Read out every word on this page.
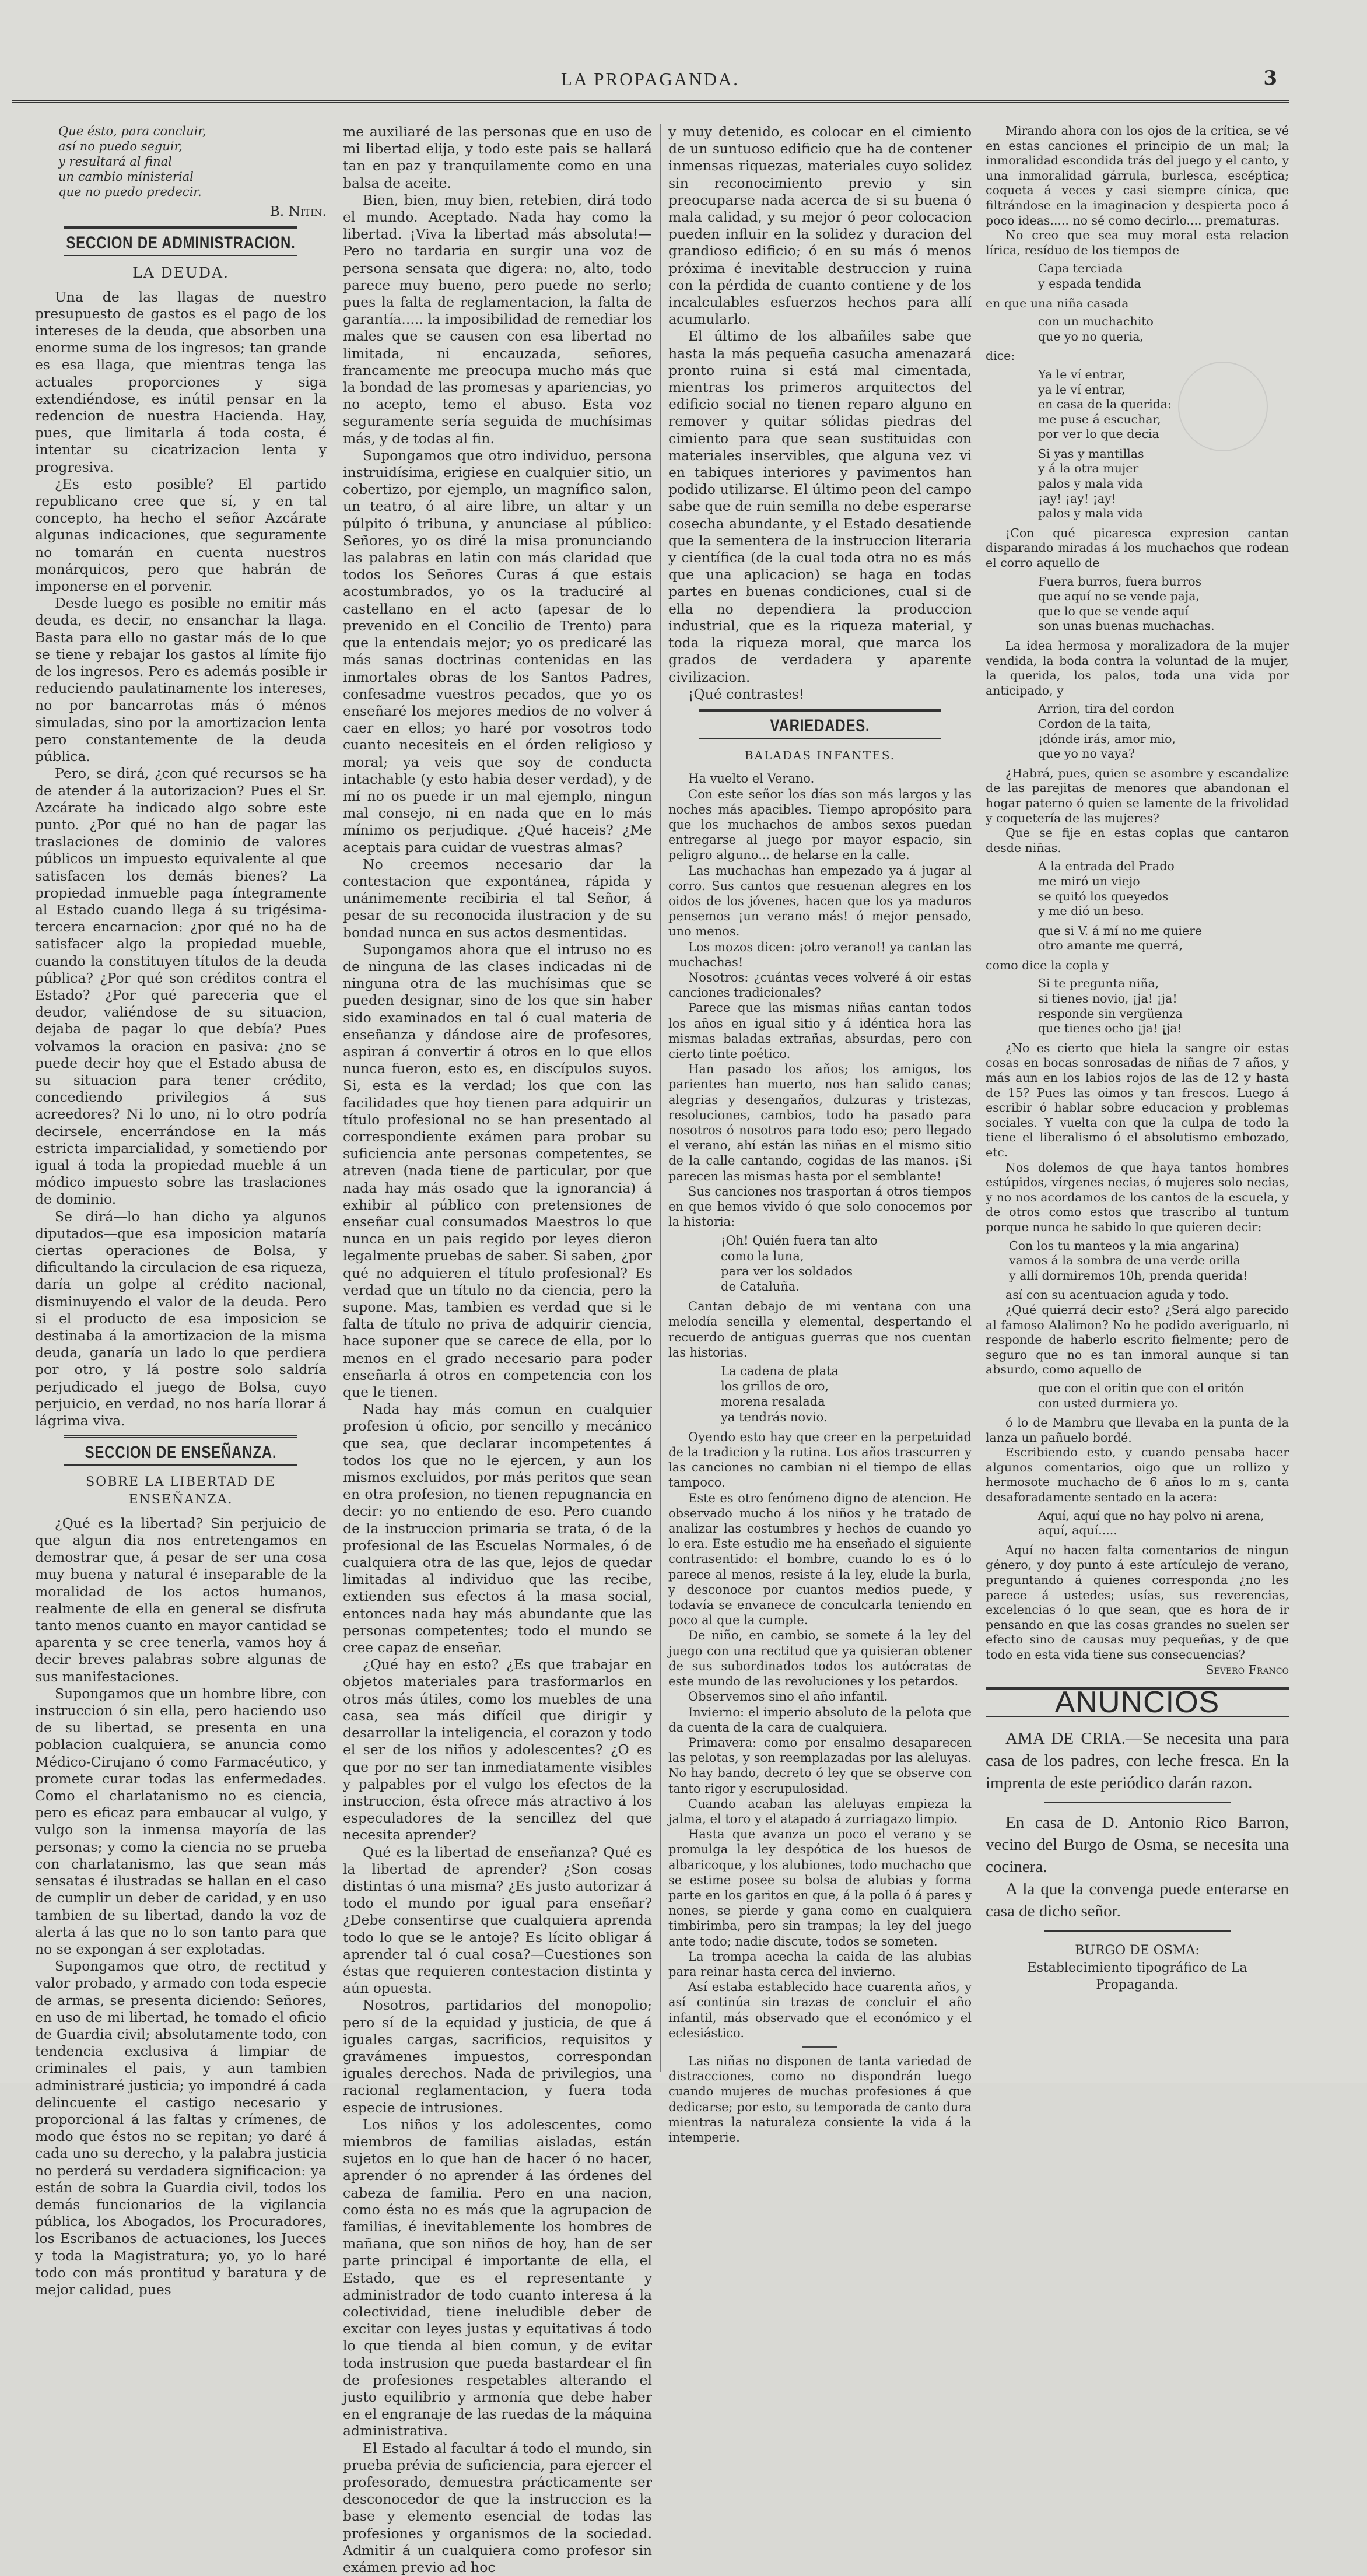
LA PROPAGANDA.	3
Que ésto, para concluir,
así no puedo seguir,
y resultará al final
un cambio ministerial
que no puedo predecir.

B. Nitin.

SECCION DE ADMINISTRACION.
LA DEUDA.

Una de las llagas de nuestro presupuesto de gastos es el pago de los intereses de la deuda, que absorben una enorme suma de los ingresos; tan grande es esa llaga, que mientras tenga las actuales proporciones y siga extendiéndose, es inútil pensar en la redencion de nuestra Hacienda. Hay, pues, que limitarla á toda costa, é intentar su cicatrizacion lenta y progresiva.

¿Es esto posible? El partido republicano cree que sí, y en tal concepto, ha hecho el señor Azcárate algunas indicaciones, que seguramente no tomarán en cuenta nuestros monárquicos, pero que habrán de imponerse en el porvenir.

Desde luego es posible no emitir más deuda, es decir, no ensanchar la llaga. Basta para ello no gastar más de lo que se tiene y rebajar los gastos al límite fijo de los ingresos. Pero es además posible ir reduciendo paulatinamente los intereses, no por bancarrotas más ó ménos simuladas, sino por la amortizacion lenta pero constantemente de la deuda pública.

Pero, se dirá, ¿con qué recursos se ha de atender á la autorizacion? Pues el Sr. Azcárate ha indicado algo sobre este punto. ¿Por qué no han de pagar las traslaciones de dominio de valores públicos un impuesto equivalente al que satisfacen los demás bienes? La propiedad inmueble paga íntegramente al Estado cuando llega á su trigésima-tercera encarnacion: ¿por qué no ha de satisfacer algo la propiedad mueble, cuando la constituyen títulos de la deuda pública? ¿Por qué son créditos contra el Estado? ¿Por qué pareceria que el deudor, valiéndose de su situacion, dejaba de pagar lo que debía? Pues volvamos la oracion en pasiva: ¿no se puede decir hoy que el Estado abusa de su situacion para tener crédito, concediendo privilegios á sus acreedores? Ni lo uno, ni lo otro podría decirsele, encerrándose en la más estricta imparcialidad, y sometiendo por igual á toda la propiedad mueble á un módico impuesto sobre las traslaciones de dominio.

Se dirá—lo han dicho ya algunos diputados—que esa imposicion mataría ciertas operaciones de Bolsa, y dificultando la circulacion de esa riqueza, daría un golpe al crédito nacional, disminuyendo el valor de la deuda. Pero si el producto de esa imposicion se destinaba á la amortizacion de la misma deuda, ganaría un lado lo que perdiera por otro, y lá postre solo saldría perjudicado el juego de Bolsa, cuyo perjuicio, en verdad, no nos haría llorar á lágrima viva.

SECCION DE ENSEÑANZA.
SOBRE LA LIBERTAD DE ENSEÑANZA.

¿Qué es la libertad? Sin perjuicio de que algun dia nos entretengamos en demostrar que, á pesar de ser una cosa muy buena y natural é inseparable de la moralidad de los actos humanos, realmente de ella en general se disfruta tanto menos cuanto en mayor cantidad se aparenta y se cree tenerla, vamos hoy á decir breves palabras sobre algunas de sus manifestaciones.

Supongamos que un hombre libre, con instruccion ó sin ella, pero haciendo uso de su libertad, se presenta en una poblacion cualquiera, se anuncia como Médico-Cirujano ó como Farmacéutico, y promete curar todas las enfermedades. Como el charlatanismo no es ciencia, pero es eficaz para embaucar al vulgo, y vulgo son la inmensa mayoría de las personas; y como la ciencia no se prueba con charlatanismo, las que sean más sensatas é ilustradas se hallan en el caso de cumplir un deber de caridad, y en uso tambien de su libertad, dando la voz de alerta á las que no lo son tanto para que no se expongan á ser explotadas.

Supongamos que otro, de rectitud y valor probado, y armado con toda especie de armas, se presenta diciendo: Señores, en uso de mi libertad, he tomado el oficio de Guardia civil; absolutamente todo, con tendencia exclusiva á limpiar de criminales el pais, y aun tambien administraré justicia; yo impondré á cada delincuente el castigo necesario y proporcional á las faltas y crímenes, de modo que éstos no se repitan; yo daré á cada uno su derecho, y la palabra justicia no perderá su verdadera significacion: ya están de sobra la Guardia civil, todos los demás funcionarios de la vigilancia pública, los Abogados, los Procuradores, los Escribanos de actuaciones, los Jueces y toda la Magistratura; yo, yo lo haré todo con más prontitud y baratura y de mejor calidad, pues

me auxiliaré de las personas que en uso de mi libertad elija, y todo este pais se hallará tan en paz y tranquilamente como en una balsa de aceite.

Bien, bien, muy bien, retebien, dirá todo el mundo. Aceptado. Nada hay como la libertad. ¡Viva la libertad más absoluta!—Pero no tardaria en surgir una voz de persona sensata que digera: no, alto, todo parece muy bueno, pero puede no serlo; pues la falta de reglamentacion, la falta de garantía..... la imposibilidad de remediar los males que se causen con esa libertad no limitada, ni encauzada, señores, francamente me preocupa mucho más que la bondad de las promesas y apariencias, yo no acepto, temo el abuso. Esta voz seguramente sería seguida de muchísimas más, y de todas al fin.

Supongamos que otro individuo, persona instruidísima, erigiese en cualquier sitio, un cobertizo, por ejemplo, un magnífico salon, un teatro, ó al aire libre, un altar y un púlpito ó tribuna, y anunciase al público: Señores, yo os diré la misa pronunciando las palabras en latin con más claridad que todos los Señores Curas á que estais acostumbrados, yo os la traduciré al castellano en el acto (apesar de lo prevenido en el Concilio de Trento) para que la entendais mejor; yo os predicaré las más sanas doctrinas contenidas en las inmortales obras de los Santos Padres, confesadme vuestros pecados, que yo os enseñaré los mejores medios de no volver á caer en ellos; yo haré por vosotros todo cuanto necesiteis en el órden religioso y moral; ya veis que soy de conducta intachable (y esto habia deser verdad), y de mí no os puede ir un mal ejemplo, ningun mal consejo, ni en nada que en lo más mínimo os perjudique. ¿Qué haceis? ¿Me aceptais para cuidar de vuestras almas?

No creemos necesario dar la contestacion que expontánea, rápida y unánimemente recibiria el tal Señor, á pesar de su reconocida ilustracion y de su bondad nunca en sus actos desmentidas.

Supongamos ahora que el intruso no es de ninguna de las clases indicadas ni de ninguna otra de las muchísimas que se pueden designar, sino de los que sin haber sido examinados en tal ó cual materia de enseñanza y dándose aire de profesores, aspiran á convertir á otros en lo que ellos nunca fueron, esto es, en discípulos suyos. Si, esta es la verdad; los que con las facilidades que hoy tienen para adquirir un título profesional no se han presentado al correspondiente exámen para probar su suficiencia ante personas competentes, se atreven (nada tiene de particular, por que nada hay más osado que la ignorancia) á exhibir al público con pretensiones de enseñar cual consumados Maestros lo que nunca en un pais regido por leyes dieron legalmente pruebas de saber. Si saben, ¿por qué no adquieren el título profesional? Es verdad que un título no da ciencia, pero la supone. Mas, tambien es verdad que si le falta de título no priva de adquirir ciencia, hace suponer que se carece de ella, por lo menos en el grado necesario para poder enseñarla á otros en competencia con los que le tienen.

Nada hay más comun en cualquier profesion ú oficio, por sencillo y mecánico que sea, que declarar incompetentes á todos los que no le ejercen, y aun los mismos excluidos, por más peritos que sean en otra profesion, no tienen repugnancia en decir: yo no entiendo de eso. Pero cuando de la instruccion primaria se trata, ó de la profesional de las Escuelas Normales, ó de cualquiera otra de las que, lejos de quedar limitadas al individuo que las recibe, extienden sus efectos á la masa social, entonces nada hay más abundante que las personas competentes; todo el mundo se cree capaz de enseñar.

¿Qué hay en esto? ¿Es que trabajar en objetos materiales para trasformarlos en otros más útiles, como los muebles de una casa, sea más difícil que dirigir y desarrollar la inteligencia, el corazon y todo el ser de los niños y adolescentes? ¿O es que por no ser tan inmediatamente visibles y palpables por el vulgo los efectos de la instruccion, ésta ofrece más atractivo á los especuladores de la sencillez del que necesita aprender?

Qué es la libertad de enseñanza? Qué es la libertad de aprender? ¿Son cosas distintas ó una misma? ¿Es justo autorizar á todo el mundo por igual para enseñar? ¿Debe consentirse que cualquiera aprenda todo lo que se le antoje? Es lícito obligar á aprender tal ó cual cosa?—Cuestiones son éstas que requieren contestacion distinta y aún opuesta.

Nosotros, partidarios del monopolio; pero sí de la equidad y justicia, de que á iguales cargas, sacrificios, requisitos y gravámenes impuestos, correspondan iguales derechos. Nada de privilegios, una racional reglamentacion, y fuera toda especie de intrusiones.

Los niños y los adolescentes, como miembros de familias aisladas, están sujetos en lo que han de hacer ó no hacer, aprender ó no aprender á las órdenes del cabeza de familia. Pero en una nacion, como ésta no es más que la agrupacion de familias, é inevitablemente los hombres de mañana, que son niños de hoy, han de ser parte principal é importante de ella, el Estado, que es el representante y administrador de todo cuanto interesa á la colectividad, tiene ineludible deber de excitar con leyes justas y equitativas á todo lo que tienda al bien comun, y de evitar toda instrusion que pueda bastardear el fin de profesiones respetables alterando el justo equilibrio y armonía que debe haber en el engranaje de las ruedas de la máquina administrativa.

El Estado al facultar á todo el mundo, sin prueba prévia de suficiencia, para ejercer el profesorado, demuestra prácticamente ser desconocedor de que la instruccion es la base y elemento esencial de todas las profesiones y organismos de la sociedad. Admitir á un cualquiera como profesor sin exámen previo ad hoc

y muy detenido, es colocar en el cimiento de un suntuoso edificio que ha de contener inmensas riquezas, materiales cuyo solidez sin reconocimiento previo y sin preocuparse nada acerca de si su buena ó mala calidad, y su mejor ó peor colocacion pueden influir en la solidez y duracion del grandioso edificio; ó en su más ó menos próxima é inevitable destruccion y ruina con la pérdida de cuanto contiene y de los incalculables esfuerzos hechos para allí acumularlo.

El último de los albañiles sabe que hasta la más pequeña casucha amenazará pronto ruina si está mal cimentada, mientras los primeros arquitectos del edificio social no tienen reparo alguno en remover y quitar sólidas piedras del cimiento para que sean sustituidas con materiales inservibles, que alguna vez vi en tabiques interiores y pavimentos han podido utilizarse. El último peon del campo sabe que de ruin semilla no debe esperarse cosecha abundante, y el Estado desatiende que la sementera de la instruccion literaria y científica (de la cual toda otra no es más que una aplicacion) se haga en todas partes en buenas condiciones, cual si de ella no dependiera la produccion industrial, que es la riqueza material, y toda la riqueza moral, que marca los grados de verdadera y aparente civilizacion.

¡Qué contrastes!

VARIEDADES.
BALADAS INFANTES.

Ha vuelto el Verano.

Con este señor los días son más largos y las noches más apacibles. Tiempo apropósito para que los muchachos de ambos sexos puedan entregarse al juego por mayor espacio, sin peligro alguno... de helarse en la calle.

Las muchachas han empezado ya á jugar al corro. Sus cantos que resuenan alegres en los oidos de los jóvenes, hacen que los ya maduros pensemos ¡un verano más! ó mejor pensado, uno menos.

Los mozos dicen: ¡otro verano!! ya cantan las muchachas!

Nosotros: ¿cuántas veces volveré á oir estas canciones tradicionales?

Parece que las mismas niñas cantan todos los años en igual sitio y á idéntica hora las mismas baladas extrañas, absurdas, pero con cierto tinte poético.

Han pasado los años; los amigos, los parientes han muerto, nos han salido canas; alegrias y desengaños, dulzuras y tristezas, resoluciones, cambios, todo ha pasado para nosotros ó nosotros para todo eso; pero llegado el verano, ahí están las niñas en el mismo sitio de la calle cantando, cogidas de las manos. ¡Si parecen las mismas hasta por el semblante!

Sus canciones nos trasportan á otros tiempos en que hemos vivido ó que solo conocemos por la historia:

¡Oh! Quién fuera tan alto
como la luna,
para ver los soldados
de Cataluña.

Cantan debajo de mi ventana con una melodía sencilla y elemental, despertando el recuerdo de antiguas guerras que nos cuentan las historias.

La cadena de plata
los grillos de oro,
morena resalada
ya tendrás novio.

Oyendo esto hay que creer en la perpetuidad de la tradicion y la rutina. Los años trascurren y las canciones no cambian ni el tiempo de ellas tampoco.

Este es otro fenómeno digno de atencion. He observado mucho á los niños y he tratado de analizar las costumbres y hechos de cuando yo lo era. Este estudio me ha enseñado el siguiente contrasentido: el hombre, cuando lo es ó lo parece al menos, resiste á la ley, elude la burla, y desconoce por cuantos medios puede, y todavía se envanece de conculcarla teniendo en poco al que la cumple.

De niño, en cambio, se somete á la ley del juego con una rectitud que ya quisieran obtener de sus subordinados todos los autócratas de este mundo de las revoluciones y los petardos.

Observemos sino el año infantil.

Invierno: el imperio absoluto de la pelota que da cuenta de la cara de cualquiera.

Primavera: como por ensalmo desaparecen las pelotas, y son reemplazadas por las aleluyas. No hay bando, decreto ó ley que se observe con tanto rigor y escrupulosidad.

Cuando acaban las aleluyas empieza la jalma, el toro y el atapado á zurriagazo limpio.

Hasta que avanza un poco el verano y se promulga la ley despótica de los huesos de albaricoque, y los alubiones, todo muchacho que se estime posee su bolsa de alubias y forma parte en los garitos en que, á la polla ó á pares y nones, se pierde y gana como en cualquiera timbirimba, pero sin trampas; la ley del juego ante todo; nadie discute, todos se someten.

La trompa acecha la caida de las alubias para reinar hasta cerca del invierno.

Así estaba establecido hace cuarenta años, y así continúa sin trazas de concluir el año infantil, más observado que el económico y el eclesiástico.

Las niñas no disponen de tanta variedad de distracciones, como no dispondrán luego cuando mujeres de muchas profesiones á que dedicarse; por esto, su temporada de canto dura mientras la naturaleza consiente la vida á la intemperie.

Mirando ahora con los ojos de la crítica, se vé en estas canciones el principio de un mal; la inmoralidad escondida trás del juego y el canto, y una inmoralidad gárrula, burlesca, escéptica; coqueta á veces y casi siempre cínica, que filtrándose en la imaginacion y despierta poco á poco ideas..... no sé como decirlo.... prematuras.

No creo que sea muy moral esta relacion lírica, resíduo de los tiempos de

Capa terciada
y espada tendida

en que una niña casada

con un muchachito
que yo no queria,

dice:

Ya le ví entrar,
ya le ví entrar,
en casa de la querida:
me puse á escuchar,
por ver lo que decia
Si yas y mantillas
y á la otra mujer
palos y mala vida
¡ay! ¡ay! ¡ay!
palos y mala vida

¡Con qué picaresca expresion cantan disparando miradas á los muchachos que rodean el corro aquello de

Fuera burros, fuera burros
que aquí no se vende paja,
que lo que se vende aquí
son unas buenas muchachas.

La idea hermosa y moralizadora de la mujer vendida, la boda contra la voluntad de la mujer, la querida, los palos, toda una vida por anticipado, y

Arrion, tira del cordon
Cordon de la taita,
¡dónde irás, amor mio,
que yo no vaya?

¿Habrá, pues, quien se asombre y escandalize de las parejitas de menores que abandonan el hogar paterno ó quien se lamente de la frivolidad y coquetería de las mujeres?

Que se fije en estas coplas que cantaron desde niñas.

A la entrada del Prado
me miró un viejo
se quitó los queyedos
y me dió un beso.
que si V. á mí no me quiere
otro amante me querrá,

como dice la copla y

Si te pregunta niña,
si tienes novio, ¡ja! ¡ja!
responde sin vergüenza
que tienes ocho ¡ja! ¡ja!

¿No es cierto que hiela la sangre oir estas cosas en bocas sonrosadas de niñas de 7 años, y más aun en los labios rojos de las de 12 y hasta de 15? Pues las oimos y tan frescos. Luego á escribir ó hablar sobre educacion y problemas sociales. Y vuelta con que la culpa de todo la tiene el liberalismo ó el absolutismo embozado, etc.

Nos dolemos de que haya tantos hombres estúpidos, vírgenes necias, ó mujeres solo necias, y no nos acordamos de los cantos de la escuela, y de otros como estos que trascribo al tuntum porque nunca he sabido lo que quieren decir:

Con los tu manteos y la mia angarina)
vamos á la sombra de una verde orilla
y allí dormiremos 10h, prenda querida!

así con su acentuacion aguda y todo.

¿Qué quierrá decir esto? ¿Será algo parecido al famoso Alalimon? No he podido averiguarlo, ni responde de haberlo escrito fielmente; pero de seguro que no es tan inmoral aunque si tan absurdo, como aquello de

que con el oritin que con el oritón
con usted durmiera yo.

ó lo de Mambru que llevaba en la punta de la lanza un pañuelo bordé.

Escribiendo esto, y cuando pensaba hacer algunos comentarios, oigo que un rollizo y hermosote muchacho de 6 años lo m s, canta desaforadamente sentado en la acera:

Aquí, aquí que no hay polvo ni arena,
aquí, aquí.....

Aquí no hacen falta comentarios de ningun género, y doy punto á este artículejo de verano, preguntando á quienes corresponda ¿no les parece á ustedes; usías, sus reverencias, excelencias ó lo que sean, que es hora de ir pensando en que las cosas grandes no suelen ser efecto sino de causas muy pequeñas, y de que todo en esta vida tiene sus consecuencias?

Severo Franco

ANUNCIOS

AMA DE CRIA.—Se necesita una para casa de los padres, con leche fresca. En la imprenta de este periódico darán razon.

En casa de D. Antonio Rico Barron, vecino del Burgo de Osma, se necesita una cocinera.

A la que la convenga puede enterarse en casa de dicho señor.

BURGO DE OSMA:
Establecimiento tipográfico de La Propaganda.
